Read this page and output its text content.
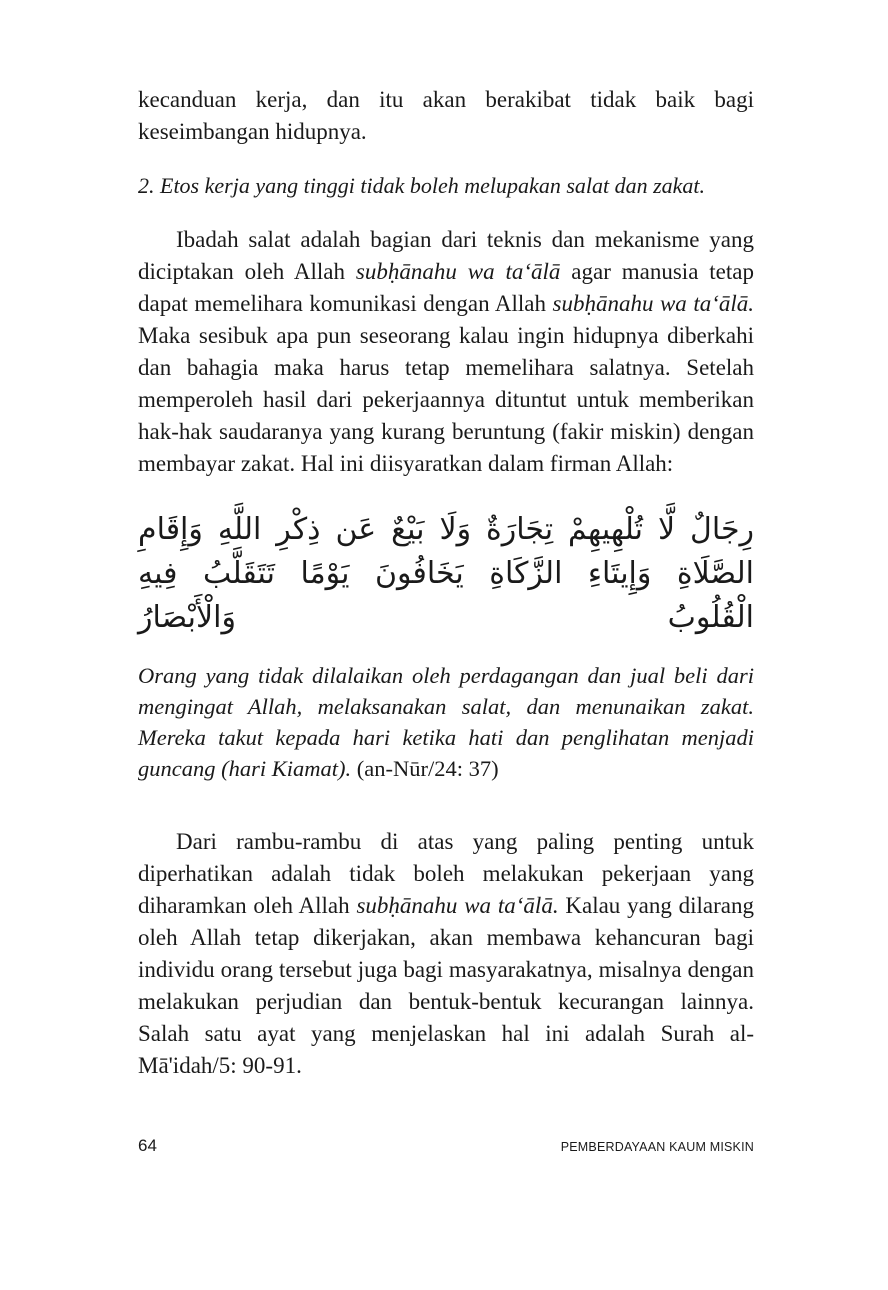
kecanduan kerja, dan itu akan berakibat tidak baik bagi keseimbangan hidupnya.

2. Etos kerja yang tinggi tidak boleh melupakan salat dan zakat.

Ibadah salat adalah bagian dari teknis dan mekanisme yang diciptakan oleh Allah subḥānahu wa ta‘ālā agar manusia tetap dapat memelihara komunikasi dengan Allah subḥānahu wa ta‘ālā. Maka sesibuk apa pun seseorang kalau ingin hidupnya diberkahi dan bahagia maka harus tetap memelihara salatnya. Setelah memperoleh hasil dari pekerjaannya dituntut untuk memberikan hak-hak saudaranya yang kurang beruntung (fakir miskin) dengan membayar zakat. Hal ini diisyaratkan dalam firman Allah:

رِجَالٌ لَّا تُلْهِيهِمْ تِجَارَةٌ وَلَا بَيْعٌ عَن ذِكْرِ اللَّهِ وَإِقَامِ الصَّلَاةِ وَإِيتَاءِ الزَّكَاةِ يَخَافُونَ يَوْمًا تَتَقَلَّبُ فِيهِ الْقُلُوبُ وَالْأَبْصَارُ

Orang yang tidak dilalaikan oleh perdagangan dan jual beli dari mengingat Allah, melaksanakan salat, dan menunaikan zakat. Mereka takut kepada hari ketika hati dan penglihatan menjadi guncang (hari Kiamat). (an-Nūr/24: 37)

Dari rambu-rambu di atas yang paling penting untuk diperhatikan adalah tidak boleh melakukan pekerjaan yang diharamkan oleh Allah subḥānahu wa ta‘ālā. Kalau yang dilarang oleh Allah tetap dikerjakan, akan membawa kehancuran bagi individu orang tersebut juga bagi masyarakatnya, misalnya dengan melakukan perjudian dan bentuk-bentuk kecurangan lainnya. Salah satu ayat yang menjelaskan hal ini adalah Surah al-Mā'idah/5: 90-91.

64	PEMBERDAYAAN KAUM MISKIN
